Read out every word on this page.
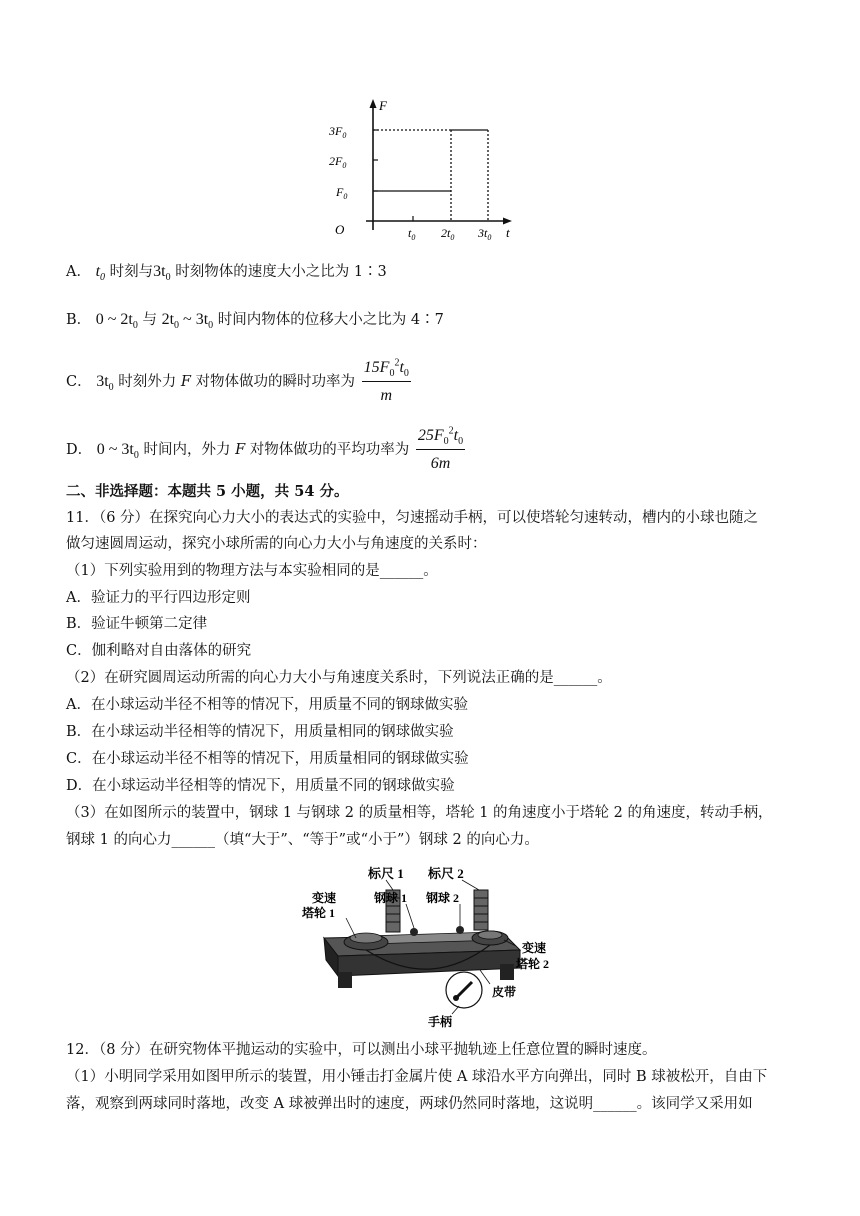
F
t
O
$3F_0$
$2F_0$
$F_0$
$t_0$ $2t_0$ $3t_0$
A． $t_0$ 时刻与$3t_0$ 时刻物体的速度大小之比为 1∶3
B． 0 ~ $2t_0$ 与 $2t_0$ ~ $3t_0$ 时间内物体的位移大小之比为 4∶7
C． $3t_0$ 时刻外力 F 对物体做功的瞬时功率为 $\frac{15F_0^2t_0}{m}$
D． 0 ~ $3t_0$ 时间内，外力 F 对物体做功的平均功率为 $\frac{25F_0^2t_0}{6m}$
二、非选择题：本题共 5 小题，共 54 分。
11．（6 分）在探究向心力大小的表达式的实验中，匀速摇动手柄，可以使塔轮匀速转动，槽内的小球也随之
做匀速圆周运动，探究小球所需的向心力大小与角速度的关系时：
（1）下列实验用到的物理方法与本实验相同的是______。
A．验证力的平行四边形定则
B．验证牛顿第二定律
C．伽利略对自由落体的研究
（2）在研究圆周运动所需的向心力大小与角速度关系时，下列说法正确的是______。
A．在小球运动半径不相等的情况下，用质量不同的钢球做实验
B．在小球运动半径相等的情况下，用质量相同的钢球做实验
C．在小球运动半径不相等的情况下，用质量相同的钢球做实验
D．在小球运动半径相等的情况下，用质量不同的钢球做实验
（3）在如图所示的装置中，钢球 1 与钢球 2 的质量相等，塔轮 1 的角速度小于塔轮 2 的角速度，转动手柄，
钢球 1 的向心力______（填“大于”、“等于”或“小于”）钢球 2 的向心力。
标尺 1 标尺 2
钢球 1 钢球 2
变速
塔轮 1
变速
塔轮 2
皮带
手柄
12．（8 分）在研究物体平抛运动的实验中，可以测出小球平抛轨迹上任意位置的瞬时速度。
（1）小明同学采用如图甲所示的装置，用小锤击打金属片使 A 球沿水平方向弹出，同时 B 球被松开，自由下
落，观察到两球同时落地，改变 A 球被弹出时的速度，两球仍然同时落地，这说明______。该同学又采用如
